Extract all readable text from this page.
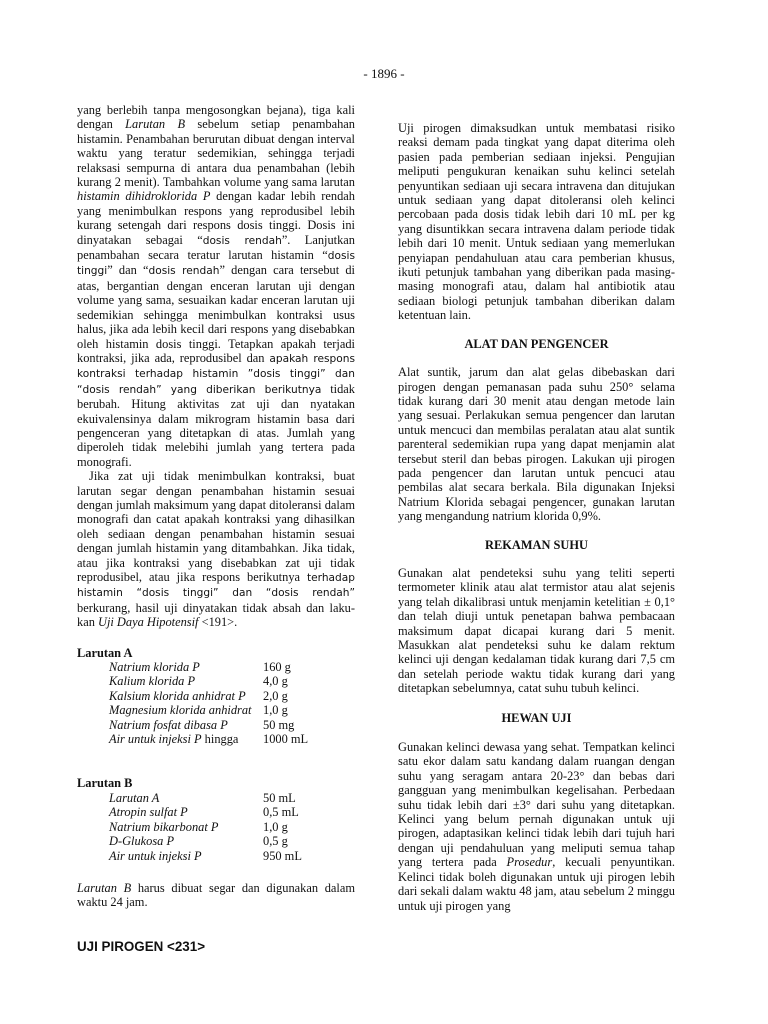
- 1896 -

yang berlebih tanpa mengosongkan bejana), tiga kali dengan Larutan B sebelum setiap penambahan histamin. Penambahan berurutan dibuat dengan interval waktu yang teratur sedemikian, sehingga terjadi relaksasi sempurna di antara dua penambahan (lebih kurang 2 menit). Tambahkan volume yang sama larutan histamin dihidroklorida P dengan kadar lebih rendah yang menimbulkan respons yang reprodusibel lebih kurang setengah dari respons dosis tinggi. Dosis ini dinyatakan sebagai “dosis rendah”. Lanjutkan penambahan secara teratur larutan histamin “dosis tinggi” dan “dosis rendah” dengan cara tersebut di atas, bergantian dengan enceran larutan uji dengan volume yang sama, sesuaikan kadar enceran larutan uji sedemikian sehingga menimbulkan kontraksi usus halus, jika ada lebih kecil dari respons yang disebabkan oleh histamin dosis tinggi. Tetapkan apakah terjadi kontraksi, jika ada, reprodusibel dan apakah respons kontraksi terhadap histamin ”dosis tinggi” dan “dosis rendah” yang diberikan berikutnya tidak berubah. Hitung aktivitas zat uji dan nyatakan ekuivalensinya dalam mikrogram histamin basa dari pengenceran yang ditetapkan di atas. Jumlah yang diperoleh tidak melebihi jumlah yang tertera pada monografi.

Jika zat uji tidak menimbulkan kontraksi, buat larutan segar dengan penambahan histamin sesuai dengan jumlah maksimum yang dapat ditoleransi dalam monografi dan catat apakah kontraksi yang dihasilkan oleh sediaan dengan penambahan histamin sesuai dengan jumlah histamin yang ditambahkan. Jika tidak, atau jika kontraksi yang disebabkan zat uji tidak reprodusibel, atau jika respons berikutnya terhadap histamin “dosis tinggi” dan “dosis rendah” berkurang, hasil uji dinyatakan tidak absah dan laku-kan Uji Daya Hipotensif <191>.

Larutan A
Natrium klorida P	160 g
Kalium klorida P	4,0 g
Kalsium klorida anhidrat P	2,0 g
Magnesium klorida anhidrat 1,0 g
Natrium fosfat dibasa P	50 mg
Air untuk injeksi P hingga	1000 mL
Larutan B
Larutan A	50 mL
Atropin sulfat P	0,5 mL
Natrium bikarbonat P	1,0 g
D-Glukosa P	0,5 g
Air untuk injeksi P	950 mL

Larutan B harus dibuat segar dan digunakan dalam waktu 24 jam.

UJI PIROGEN <231>

Uji pirogen dimaksudkan untuk membatasi risiko reaksi demam pada tingkat yang dapat diterima oleh pasien pada pemberian sediaan injeksi. Pengujian meliputi pengukuran kenaikan suhu kelinci setelah penyuntikan sediaan uji secara intravena dan ditujukan untuk sediaan yang dapat ditoleransi oleh kelinci percobaan pada dosis tidak lebih dari 10 mL per kg yang disuntikkan secara intravena dalam periode tidak lebih dari 10 menit. Untuk sediaan yang memerlukan penyiapan pendahuluan atau cara pemberian khusus, ikuti petunjuk tambahan yang diberikan pada masing-masing monografi atau, dalam hal antibiotik atau sediaan biologi petunjuk tambahan diberikan dalam ketentuan lain.

ALAT DAN PENGENCER

Alat suntik, jarum dan alat gelas dibebaskan dari pirogen dengan pemanasan pada suhu 250° selama tidak kurang dari 30 menit atau dengan metode lain yang sesuai. Perlakukan semua pengencer dan larutan untuk mencuci dan membilas peralatan atau alat suntik parenteral sedemikian rupa yang dapat menjamin alat tersebut steril dan bebas pirogen. Lakukan uji pirogen pada pengencer dan larutan untuk pencuci atau pembilas alat secara berkala. Bila digunakan Injeksi Natrium Klorida sebagai pengencer, gunakan larutan yang mengandung natrium klorida 0,9%.

REKAMAN SUHU

Gunakan alat pendeteksi suhu yang teliti seperti termometer klinik atau alat termistor atau alat sejenis yang telah dikalibrasi untuk menjamin ketelitian ± 0,1° dan telah diuji untuk penetapan bahwa pembacaan maksimum dapat dicapai kurang dari 5 menit. Masukkan alat pendeteksi suhu ke dalam rektum kelinci uji dengan kedalaman tidak kurang dari 7,5 cm dan setelah periode waktu tidak kurang dari yang ditetapkan sebelumnya, catat suhu tubuh kelinci.

HEWAN UJI

Gunakan kelinci dewasa yang sehat. Tempatkan kelinci satu ekor dalam satu kandang dalam ruangan dengan suhu yang seragam antara 20-23° dan bebas dari gangguan yang menimbulkan kegelisahan. Perbedaan suhu tidak lebih dari ±3° dari suhu yang ditetapkan. Kelinci yang belum pernah digunakan untuk uji pirogen, adaptasikan kelinci tidak lebih dari tujuh hari dengan uji pendahuluan yang meliputi semua tahap yang tertera pada Prosedur, kecuali penyuntikan. Kelinci tidak boleh digunakan untuk uji pirogen lebih dari sekali dalam waktu 48 jam, atau sebelum 2 minggu untuk uji pirogen yang
